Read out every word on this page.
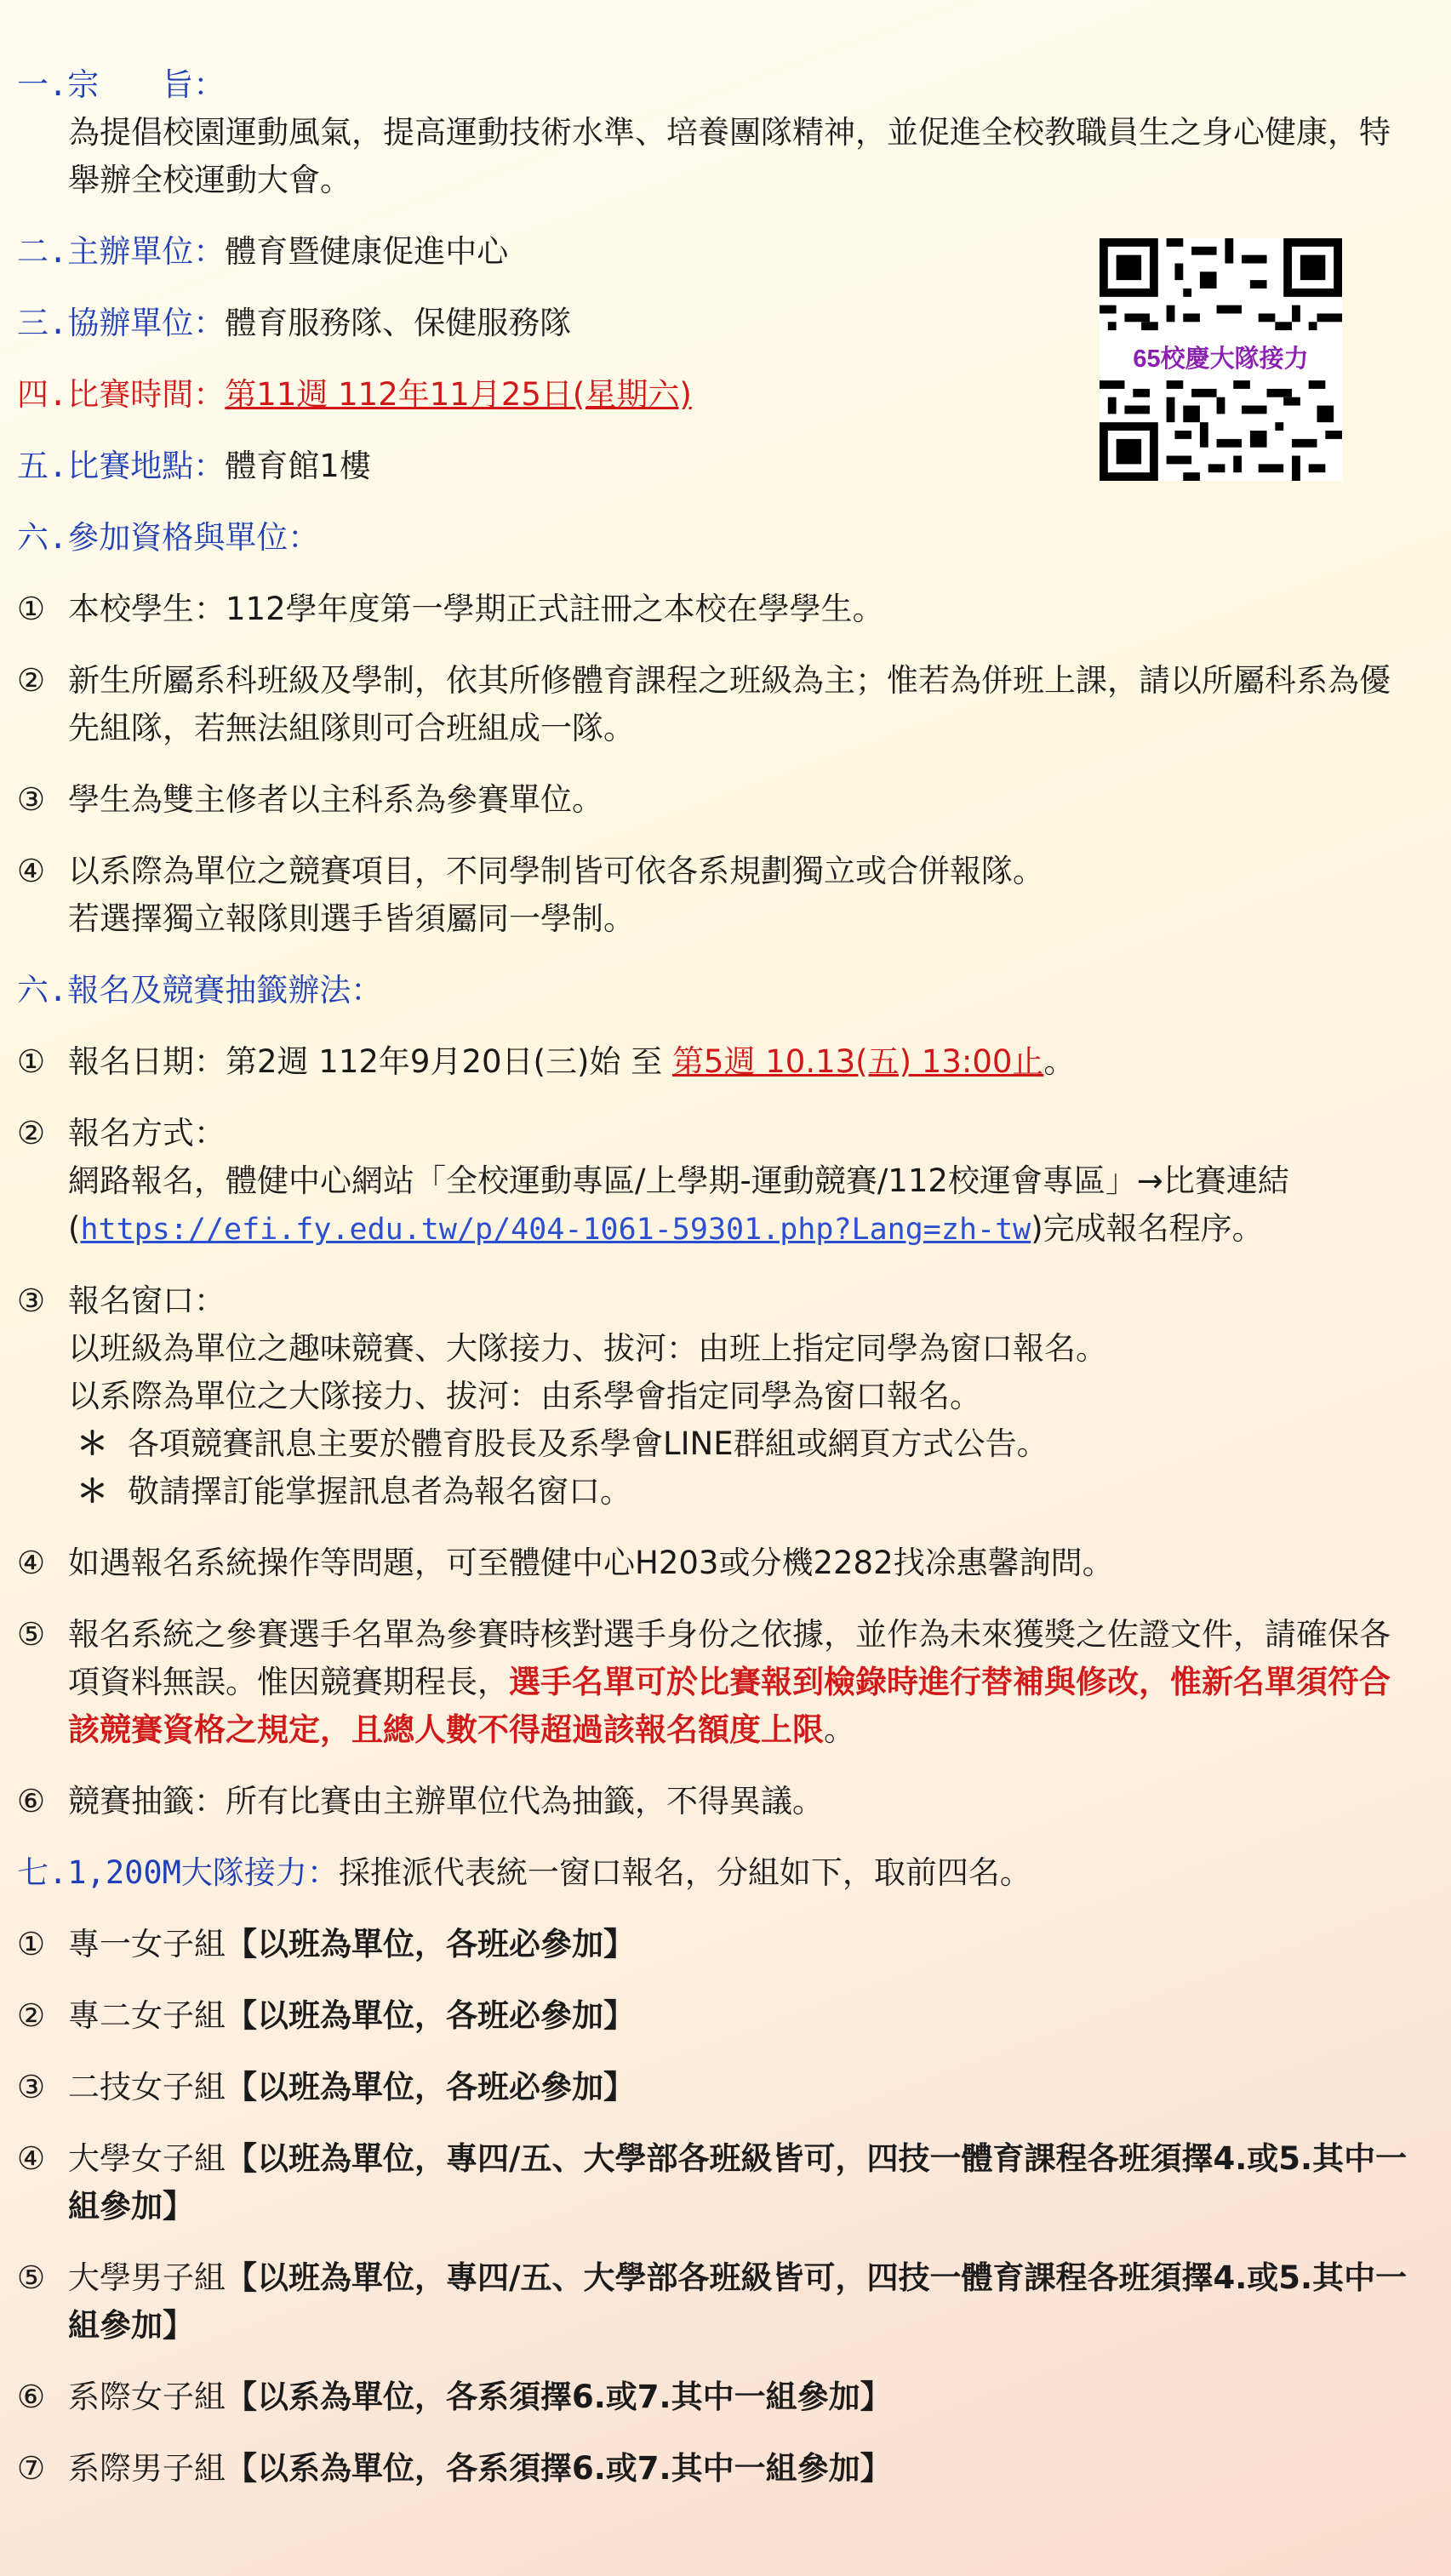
65校慶大隊接力
一.宗　　旨：
為提倡校園運動風氣，提高運動技術水準、培養團隊精神，並促進全校教職員生之身心健康，特舉辦全校運動大會。
二.主辦單位：體育暨健康促進中心
三.協辦單位：體育服務隊、保健服務隊
四.比賽時間：第11週 112年11月25日(星期六)
五.比賽地點：體育館1樓
六.參加資格與單位：
① 本校學生：112學年度第一學期正式註冊之本校在學學生。
② 新生所屬系科班級及學制，依其所修體育課程之班級為主；惟若為併班上課，請以所屬科系為優先組隊，若無法組隊則可合班組成一隊。
③ 學生為雙主修者以主科系為參賽單位。
④ 以系際為單位之競賽項目，不同學制皆可依各系規劃獨立或合併報隊。
若選擇獨立報隊則選手皆須屬同一學制。
六.報名及競賽抽籤辦法：
① 報名日期：第2週 112年9月20日(三)始 至 第5週 10.13(五) 13:00止。
② 報名方式：
網路報名，體健中心網站「全校運動專區/上學期-運動競賽/112校運會專區」→比賽連結(https://efi.fy.edu.tw/p/404-1061-59301.php?Lang=zh-tw)完成報名程序。
③ 報名窗口：
以班級為單位之趣味競賽、大隊接力、拔河：由班上指定同學為窗口報名。
以系際為單位之大隊接力、拔河：由系學會指定同學為窗口報名。
＊ 各項競賽訊息主要於體育股長及系學會LINE群組或網頁方式公告。
＊ 敬請擇訂能掌握訊息者為報名窗口。
④ 如遇報名系統操作等問題，可至體健中心H203或分機2282找凃惠馨詢問。
⑤ 報名系統之參賽選手名單為參賽時核對選手身份之依據，並作為未來獲獎之佐證文件，請確保各項資料無誤。惟因競賽期程長，選手名單可於比賽報到檢錄時進行替補與修改，惟新名單須符合該競賽資格之規定，且總人數不得超過該報名額度上限。
⑥ 競賽抽籤：所有比賽由主辦單位代為抽籤，不得異議。
七.1,200M大隊接力：採推派代表統一窗口報名，分組如下，取前四名。
① 專一女子組【以班為單位，各班必參加】
② 專二女子組【以班為單位，各班必參加】
③ 二技女子組【以班為單位，各班必參加】
④ 大學女子組【以班為單位，專四/五、大學部各班級皆可，四技一體育課程各班須擇4.或5.其中一組參加】
⑤ 大學男子組【以班為單位，專四/五、大學部各班級皆可，四技一體育課程各班須擇4.或5.其中一組參加】
⑥ 系際女子組【以系為單位，各系須擇6.或7.其中一組參加】
⑦ 系際男子組【以系為單位，各系須擇6.或7.其中一組參加】
